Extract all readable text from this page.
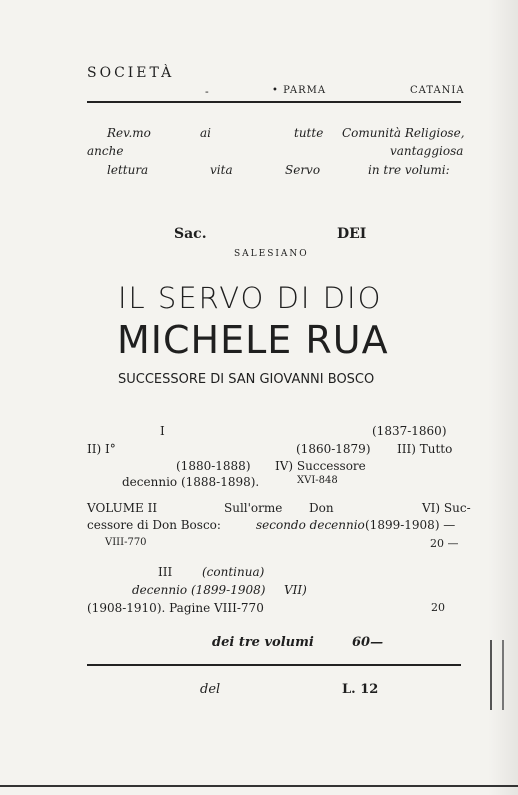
SOCIETÀ
-	• PARMA	CATANIA
Rev.mo	ai	tutte Comunità Religiose,
anche	vantaggiosa
lettura	vita	Servo	in tre volumi:
Sac.	DEI
SALESIANO
IL SERVO DI DIO
MICHELE RUA
SUCCESSORE DI SAN GIOVANNI BOSCO
I	(1837-1860)
II) I°	(1860-1879) III) Tutto
(1880-1888) IV) Successore
decennio (1888-1898).	XVI-848
VOLUME II	Sull'orme Don	VI) Suc-
cessore di Don Bosco:	secondo decennio (1899-1908) —
VIII-770	20 —
III (continua)
decennio (1899-1908) VII)
(1908-1910). Pagine VIII-770	20
dei tre volumi	60—
del	L. 12
